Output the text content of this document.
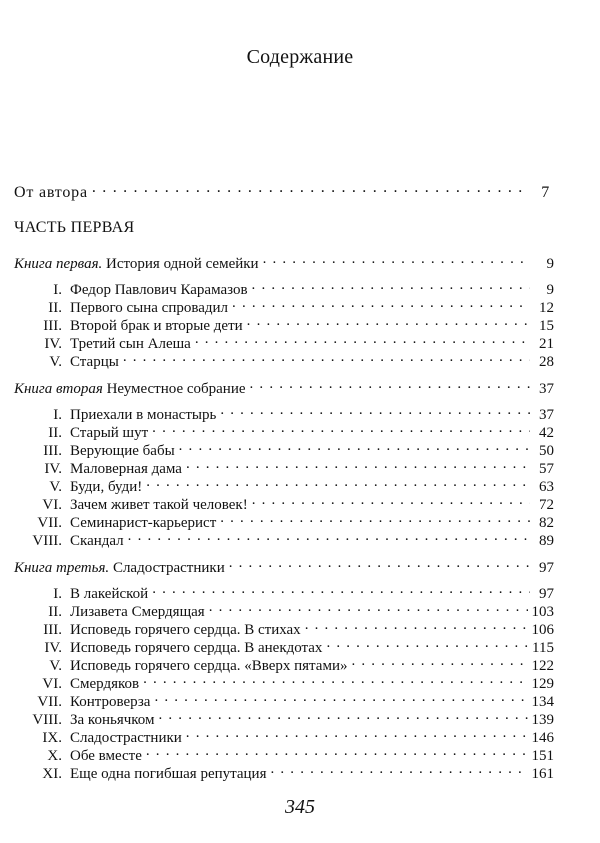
Содержание
От автора . . .	7
ЧАСТЬ ПЕРВАЯ
Книга первая. История одной семейки . . .	9
I. Федор Павлович Карамазов . . .	9
II. Первого сына спровадил . . .	12
III. Второй брак и вторые дети . . .	15
IV. Третий сын Алеша . . .	21
V. Старцы . . .	28
Книга вторая Неуместное собрание . . .	37
I. Приехали в монастырь . . .	37
II. Старый шут . . .	42
III. Верующие бабы . . .	50
IV. Маловерная дама . . .	57
V. Буди, буди! . . .	63
VI. Зачем живет такой человек! . . .	72
VII. Семинарист-карьерист . . .	82
VIII. Скандал . . .	89
Книга третья. Сладострастники . . .	97
I. В лакейской . . .	97
II. Лизавета Смердящая . . .	103
III. Исповедь горячего сердца. В стихах . . .	106
IV. Исповедь горячего сердца. В анекдотах . . .	115
V. Исповедь горячего сердца. «Вверх пятами» . . .	122
VI. Смердяков . . .	129
VII. Контроверза . . .	134
VIII. За коньячком . . .	139
IX. Сладострастники . . .	146
X. Обе вместе . . .	151
XI. Еще одна погибшая репутация . . .	161
345
